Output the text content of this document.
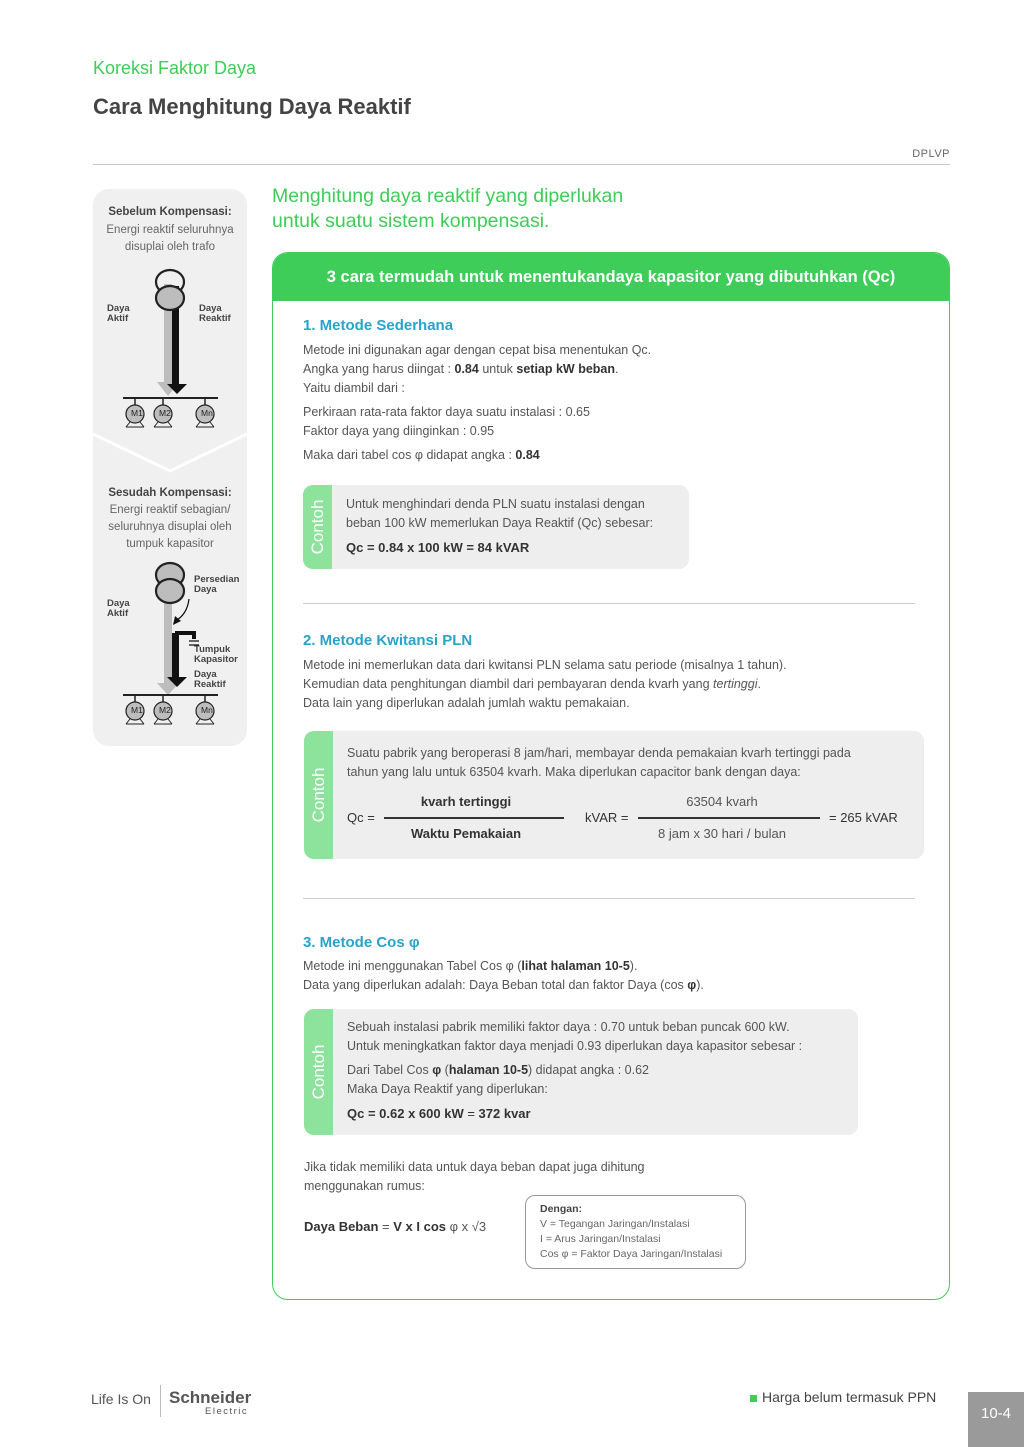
Koreksi Faktor Daya
Cara Menghitung Daya Reaktif
DPLVP
Sebelum Kompensasi:
Energi reaktif seluruhnya
disuplai oleh trafo
Daya
Aktif
Daya
Reaktif
M1 M2	Mn
Sesudah Kompensasi:
Energi reaktif sebagian/
seluruhnya disuplai oleh
tumpuk kapasitor
Persedian
Daya
Daya
Aktif
Tumpuk
Kapasitor
Daya
Reaktif
M1 M2	Mn
Menghitung daya reaktif yang diperlukan
untuk suatu sistem kompensasi.
3 cara termudah untuk menentukandaya kapasitor yang dibutuhkan (Qc)
1. Metode Sederhana
Metode ini digunakan agar dengan cepat bisa menentukan Qc.
Angka yang harus diingat : 0.84 untuk setiap kW beban.
Yaitu diambil dari :
Perkiraan rata-rata faktor daya suatu instalasi : 0.65
Faktor daya yang diinginkan : 0.95
Maka dari tabel cos φ didapat angka : 0.84
Contoh Untuk menghindari denda PLN suatu instalasi dengan
beban 100 kW memerlukan Daya Reaktif (Qc) sebesar:
Qc = 0.84 x 100 kW = 84 kVAR
2. Metode Kwitansi PLN
Metode ini memerlukan data dari kwitansi PLN selama satu periode (misalnya 1 tahun).
Kemudian data penghitungan diambil dari pembayaran denda kvarh yang tertinggi.
Data lain yang diperlukan adalah jumlah waktu pemakaian.
Contoh
Suatu pabrik yang beroperasi 8 jam/hari, membayar denda pemakaian kvarh tertinggi pada
tahun yang lalu untuk 63504 kvarh. Maka diperlukan capacitor bank dengan daya:
Qc =
kvarh tertinggi
Waktu Pemakaian
kVAR =
63504 kvarh
8 jam x 30 hari / bulan
= 265 kVAR
3. Metode Cos φ
Metode ini menggunakan Tabel Cos φ (lihat halaman 10-5).
Data yang diperlukan adalah: Daya Beban total dan faktor Daya (cos φ).
Contoh
Sebuah instalasi pabrik memiliki faktor daya : 0.70 untuk beban puncak 600 kW.
Untuk meningkatkan faktor daya menjadi 0.93 diperlukan daya kapasitor sebesar :
Dari Tabel Cos φ (halaman 10-5) didapat angka : 0.62
Maka Daya Reaktif yang diperlukan:
Qc = 0.62 x 600 kW = 372 kvar
Jika tidak memiliki data untuk daya beban dapat juga dihitung
menggunakan rumus:
Daya Beban = V x I cos φ x √3
Dengan:
V = Tegangan Jaringan/Instalasi
I = Arus Jaringan/Instalasi
Cos φ = Faktor Daya Jaringan/Instalasi
Life Is On Schneider
Electric
Harga belum termasuk PPN
10-4
